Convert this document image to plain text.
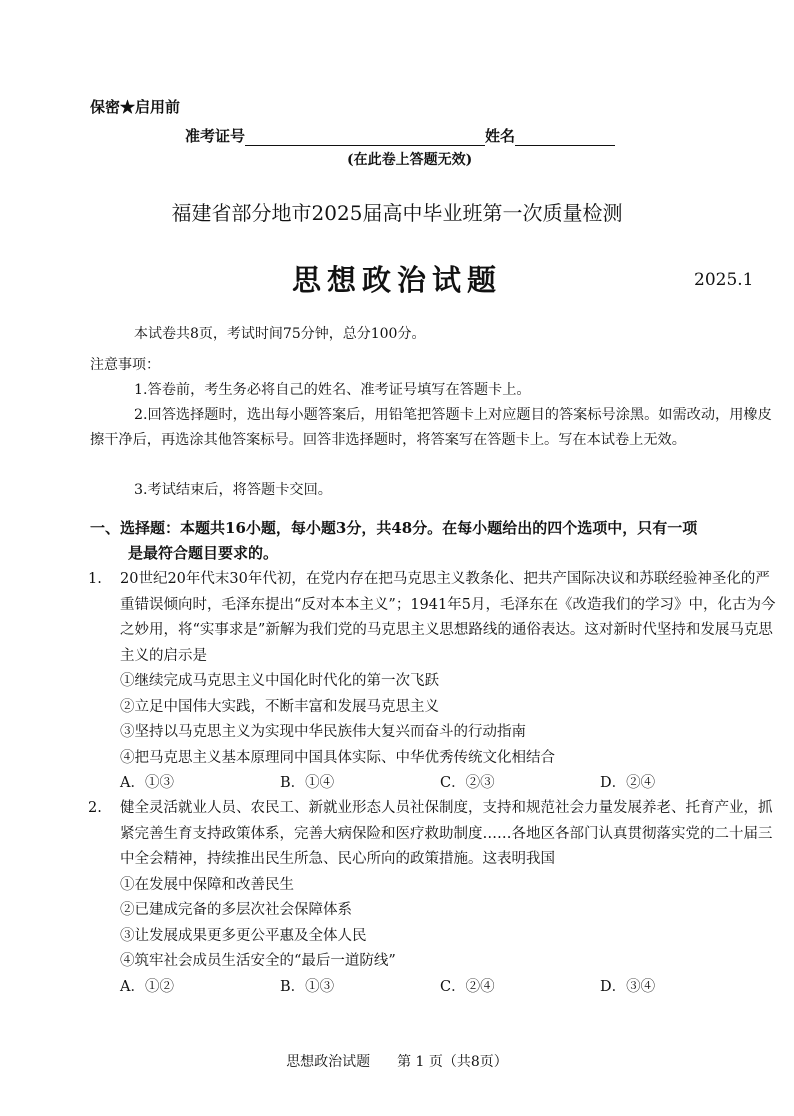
保密★启用前
准考证号	姓名
(在此卷上答题无效)
福建省部分地市2025届高中毕业班第一次质量检测
思想政治试题	2025.1
本试卷共8页，考试时间75分钟，总分100分。
注意事项：
1.答卷前，考生务必将自己的姓名、准考证号填写在答题卡上。
2.回答选择题时，选出每小题答案后，用铅笔把答题卡上对应题目的答案标号涂黑。如需改动，用橡皮擦干净后，再选涂其他答案标号。回答非选择题时，将答案写在答题卡上。写在本试卷上无效。
3.考试结束后，将答题卡交回。
一、选择题：本题共16小题，每小题3分，共48分。在每小题给出的四个选项中，只有一项
是最符合题目要求的。
1. 20世纪20年代末30年代初，在党内存在把马克思主义教条化、把共产国际决议和苏联经验神圣化的严重错误倾向时，毛泽东提出“反对本本主义”；1941年5月，毛泽东在《改造我们的学习》中，化古为今之妙用，将“实事求是”新解为我们党的马克思主义思想路线的通俗表达。这对新时代坚持和发展马克思主义的启示是
①继续完成马克思主义中国化时代化的第一次飞跃
②立足中国伟大实践，不断丰富和发展马克思主义
③坚持以马克思主义为实现中华民族伟大复兴而奋斗的行动指南
④把马克思主义基本原理同中国具体实际、中华优秀传统文化相结合
A．①③	B．①④	C．②③	D．②④
2. 健全灵活就业人员、农民工、新就业形态人员社保制度，支持和规范社会力量发展养老、托育产业，抓紧完善生育支持政策体系，完善大病保险和医疗救助制度……各地区各部门认真贯彻落实党的二十届三中全会精神，持续推出民生所急、民心所向的政策措施。这表明我国
①在发展中保障和改善民生
②已建成完备的多层次社会保障体系
③让发展成果更多更公平惠及全体人民
④筑牢社会成员生活安全的“最后一道防线”
A．①②	B．①③	C．②④	D．③④
思想政治试题 第 1 页（共8页）
